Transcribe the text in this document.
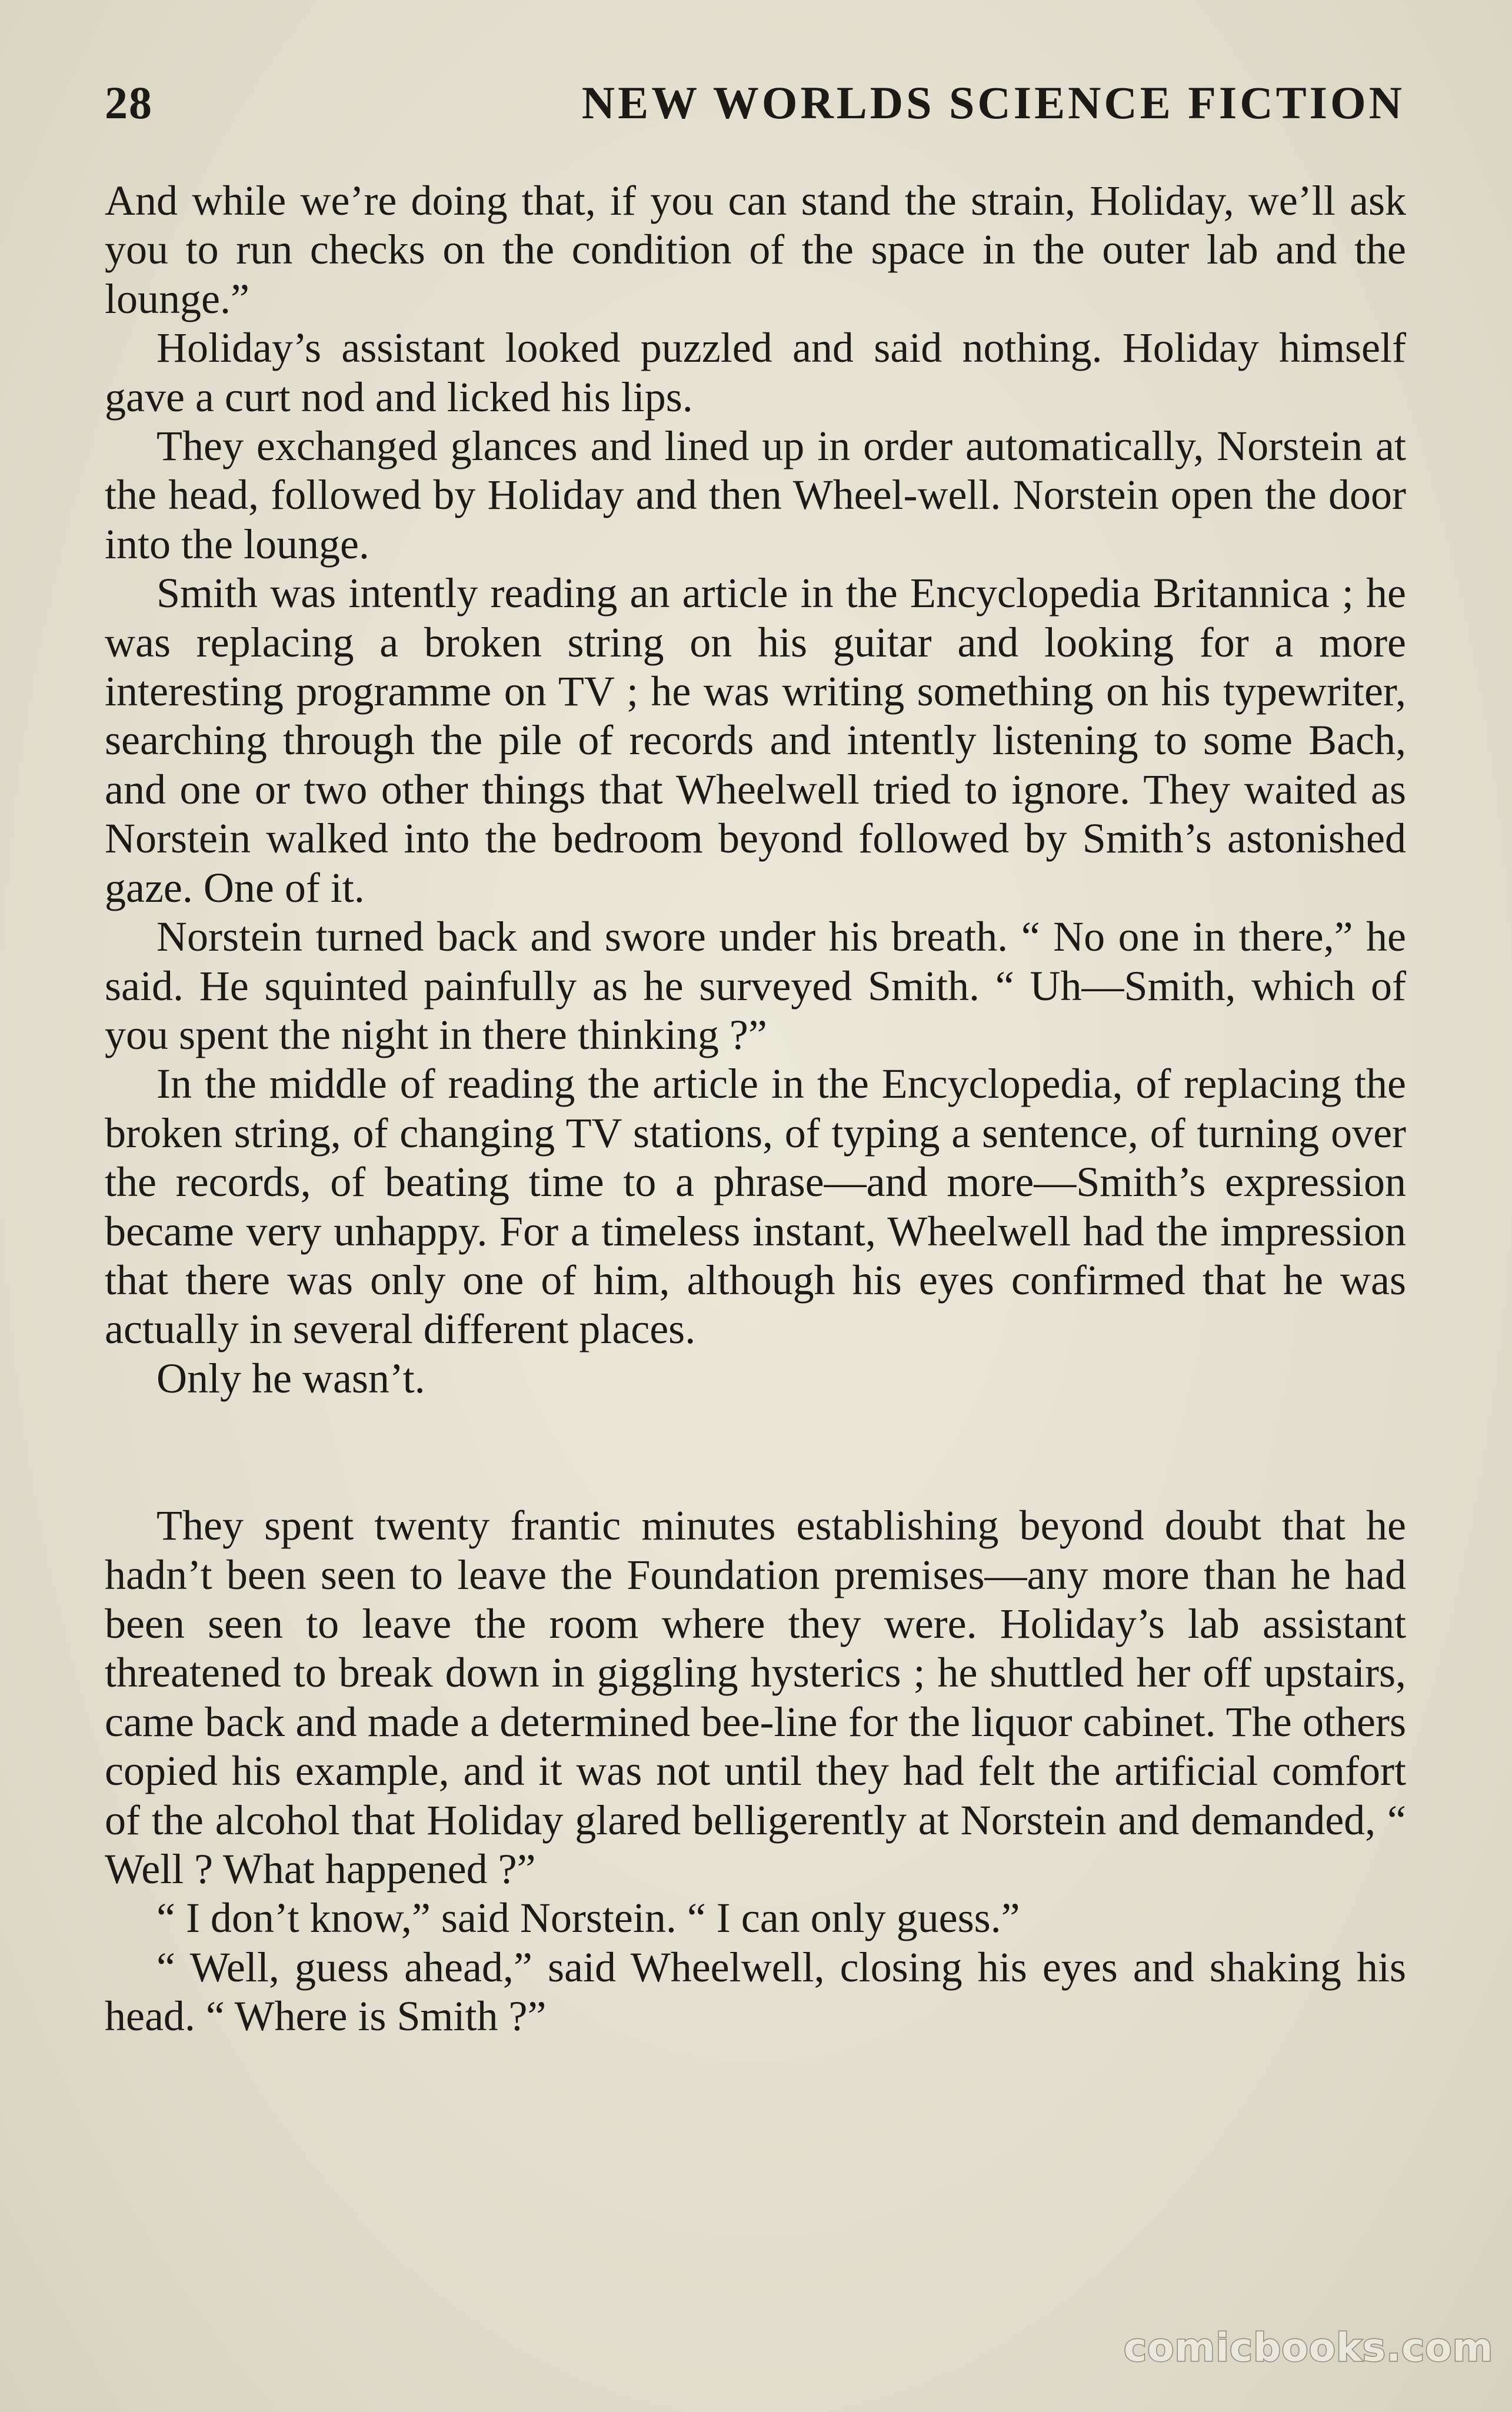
28	NEW WORLDS SCIENCE FICTION

And while we’re doing that, if you can stand the strain, Holiday, we’ll ask you to run checks on the condition of the space in the outer lab and the lounge.”

Holiday’s assistant looked puzzled and said nothing. Holiday himself gave a curt nod and licked his lips.

They exchanged glances and lined up in order automatically, Norstein at the head, followed by Holiday and then Wheel-well. Norstein open the door into the lounge.

Smith was intently reading an article in the Encyclopedia Britannica ; he was replacing a broken string on his guitar and looking for a more interesting programme on TV ; he was writing something on his typewriter, searching through the pile of records and intently listening to some Bach, and one or two other things that Wheelwell tried to ignore. They waited as Norstein walked into the bedroom beyond followed by Smith’s astonished gaze. One of it.

Norstein turned back and swore under his breath. “ No one in there,” he said. He squinted painfully as he surveyed Smith. “ Uh—Smith, which of you spent the night in there thinking ?”

In the middle of reading the article in the Encyclopedia, of replacing the broken string, of changing TV stations, of typing a sentence, of turning over the records, of beating time to a phrase—and more—Smith’s expression became very unhappy. For a timeless instant, Wheelwell had the impression that there was only one of him, although his eyes confirmed that he was actually in several different places.

Only he wasn’t.

They spent twenty frantic minutes establishing beyond doubt that he hadn’t been seen to leave the Foundation premises—any more than he had been seen to leave the room where they were. Holiday’s lab assistant threatened to break down in giggling hysterics ; he shuttled her off upstairs, came back and made a determined bee-line for the liquor cabinet. The others copied his example, and it was not until they had felt the artificial comfort of the alcohol that Holiday glared belligerently at Norstein and demanded, “ Well ? What happened ?”

“ I don’t know,” said Norstein. “ I can only guess.”

“ Well, guess ahead,” said Wheelwell, closing his eyes and shaking his head. “ Where is Smith ?”

comicbooks.com
